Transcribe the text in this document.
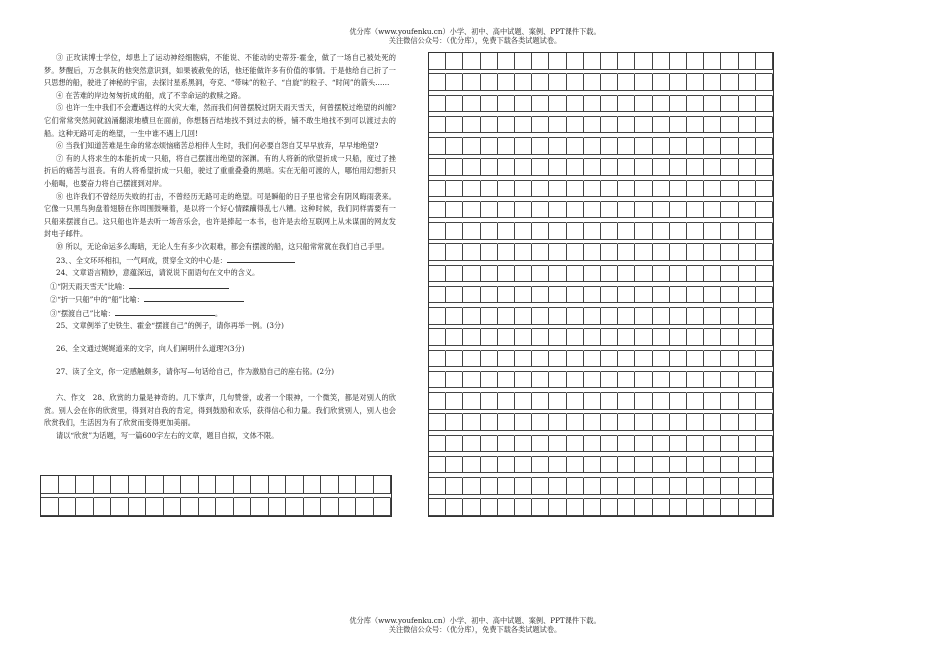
优分库（www.youfenku.cn）小学、初中、高中试题、案例、PPT课件下载。
关注微信公众号：（优分库），免费下载各类试题试卷。

③ 正玫读博士学位，却患上了运动神经细胞病，不能说、不能动的史蒂芬·霍金，做了一场自己被处死的梦。梦醒后，万念俱灰的他突然意识到，如果被赦免的话，他还能做许多有价值的事情。于是他给自己折了一只思想的船，驶进了神秘的宇宙，去探讨星系黑洞，夸克、“带味”的粒子、“自旋”的粒子、“时间”的箭头……

④ 在苦难的岸边匆匆折成的船，成了不幸命运的救赎之路。

⑤ 也许一生中我们不会遭遇这样的大灾大难，然而我们何曾摆脱过阴天雨天雪天，何曾摆脱过绝望的纠缠?它们常常突然间就汹涌翻滚地横旦在面前，你想肠百结地找不到过去的桥，铺不敢生地找不到可以渡过去的船。这种无路可走的绝望，一生中谁不遇上几回!

⑥ 当我们知道苦难是生命的常态烦恼痛苦总相伴人生时，我们何必要自怨自艾早早放弃，早早地绝望?

⑦ 有的人将求生的本能折成一只船，将自己摆渡出绝望的深渊。有的人将新的欣望折成一只船，度过了挫折后的痛苦与沮丧。有的人将希望折成一只船，驶过了重重叠叠的黑暗。实在无船可渡的人，哪怕用幻想折只小船喝，也要奋力将自己摆渡到对岸。

⑧ 也许我们不曾经历失败的打击，不曾经历无路可走的绝望。可是瞬船的日子里也常会有阴风晦雨袭来。它像一只黑鸟狗盘着翅膀在你周围鼓噪着，是以将一个好心情蹂躏得乱七八糟。这种时候，我们同样需要有一只船来摆渡自己。这只船也许是去听一场音乐会，也许是捧起一本书，也许是去给互联网上从未谋面的网友发封电子邮件。

⑩ 所以，无论命运多么晦暗，无论人生有多少次艰难，都会有摆渡的船，这只船常常就在我们自己手里。

23、、全文环环相扣，一气呵成，贯穿全文的中心是：

24、文章语言精妙，意蕴深远，请说说下面语句在文中的含义。

①“阴天雨天雪天”比喻：

②“折一只船”中的“船”比喻：

③“摆渡自己”比喻：	。

25、文章例举了史铁生、霍金“摆渡自己”的例子，请你再举一例。(3分)

26、全文通过娓娓道来的文字，向人们阐明什么道理?(3分)

27、读了全文，你一定感触颇多，请你写—句话给自己，作为激励自己的座右铭。(2分)

六、作文　28、欣赏的力量是神奇的。几下掌声，几句赞誉，或者一个眼神，一个微笑，都是对别人的欣赏。别人会在你的欣赏里，得到对自我的肯定，得到鼓励和欢乐，获得信心和力量。我们欣赏别人，别人也会欣赏我们，生活因为有了欣赏而变得更加美丽。

请以“欣赏”为话题，写一篇600字左右的文章，题目自拟，文体不限。

优分库（www.youfenku.cn）小学、初中、高中试题、案例、PPT课件下载。
关注微信公众号：（优分库），免费下载各类试题试卷。
